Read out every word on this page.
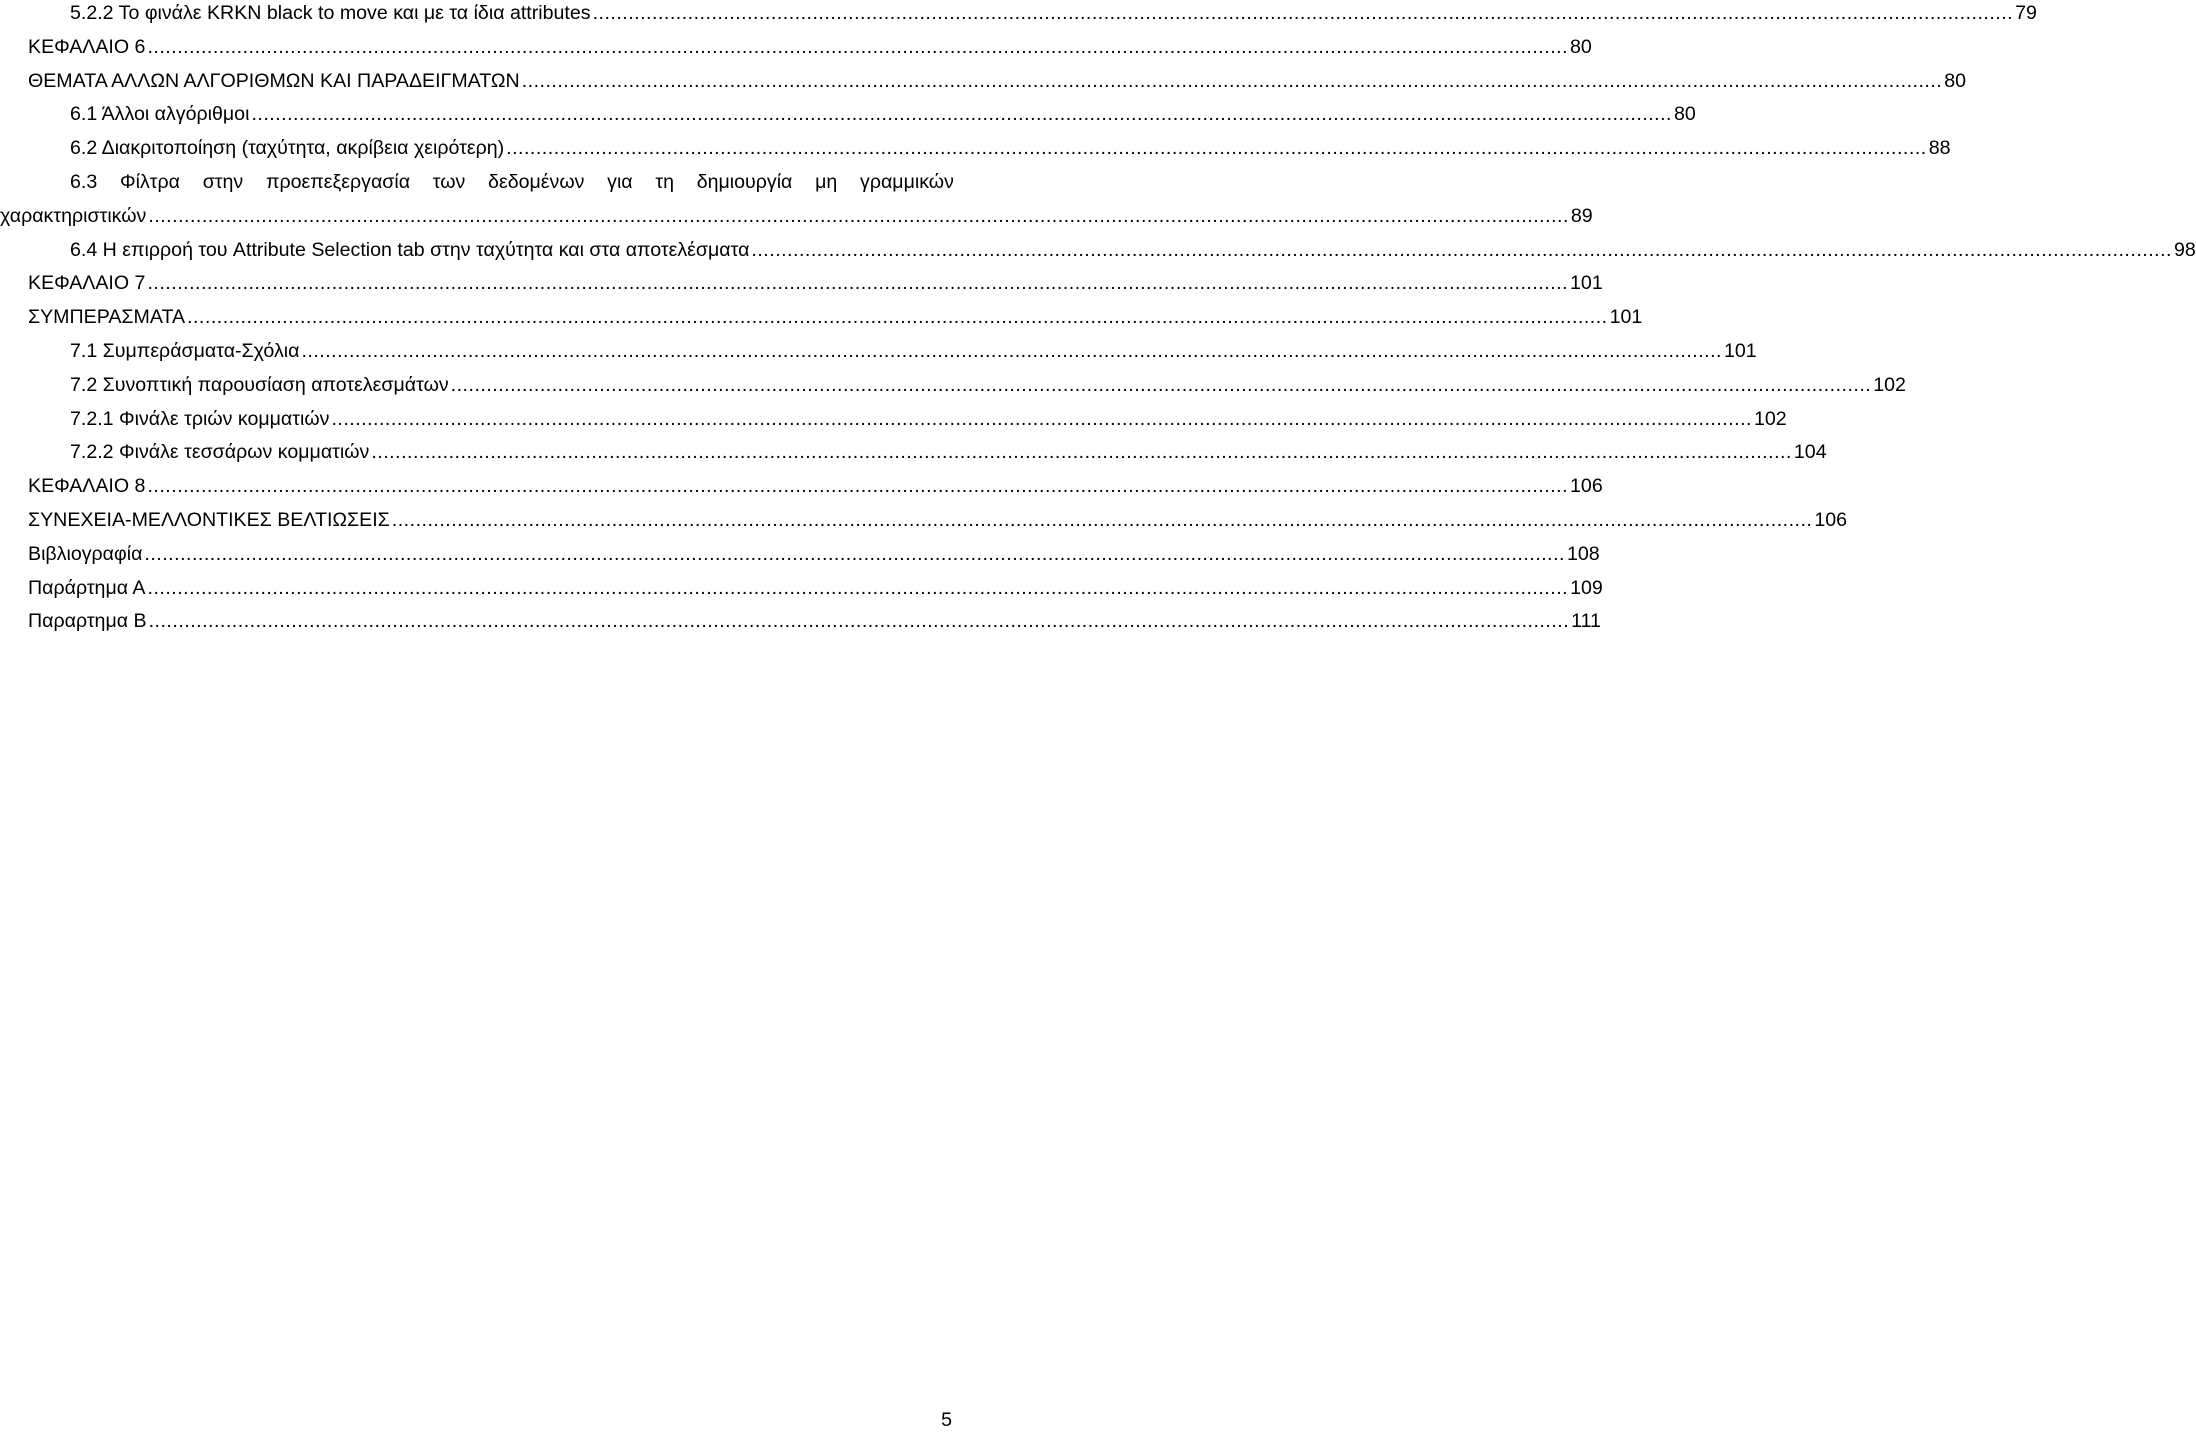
5.2.2 Το φινάλε KRKN black to move και με τα ίδια attributes .....	79
ΚΕΦΑΛΑΙΟ 6 .....	80
ΘΕΜΑΤΑ ΑΛΛΩΝ ΑΛΓΟΡΙΘΜΩΝ ΚΑΙ ΠΑΡΑΔΕΙΓΜΑΤΩΝ .....	80
6.1 Άλλοι αλγόριθμοι .....	80
6.2 Διακριτοποίηση (ταχύτητα, ακρίβεια χειρότερη) .....	88
6.3 Φίλτρα στην προεπεξεργασία των δεδομένων για τη δημιουργία μη γραμμικών
χαρακτηριστικών .....	89
6.4 Η επιρροή του Attribute Selection tab στην ταχύτητα και στα αποτελέσματα .....	98
ΚΕΦΑΛΑΙΟ 7 .....	101
ΣΥΜΠΕΡΑΣΜΑΤΑ .....	101
7.1 Συμπεράσματα-Σχόλια .....	101
7.2 Συνοπτική παρουσίαση αποτελεσμάτων .....	102
7.2.1 Φινάλε τριών κομματιών .....	102
7.2.2 Φινάλε τεσσάρων κομματιών .....	104
ΚΕΦΑΛΑΙΟ 8 .....	106
ΣΥΝΕΧΕΙΑ-ΜΕΛΛΟΝΤΙΚΕΣ ΒΕΛΤΙΩΣΕΙΣ .....	106
Βιβλιογραφία .....	108
Παράρτημα Α .....	109
Παραρτημα Β .....	111
5
